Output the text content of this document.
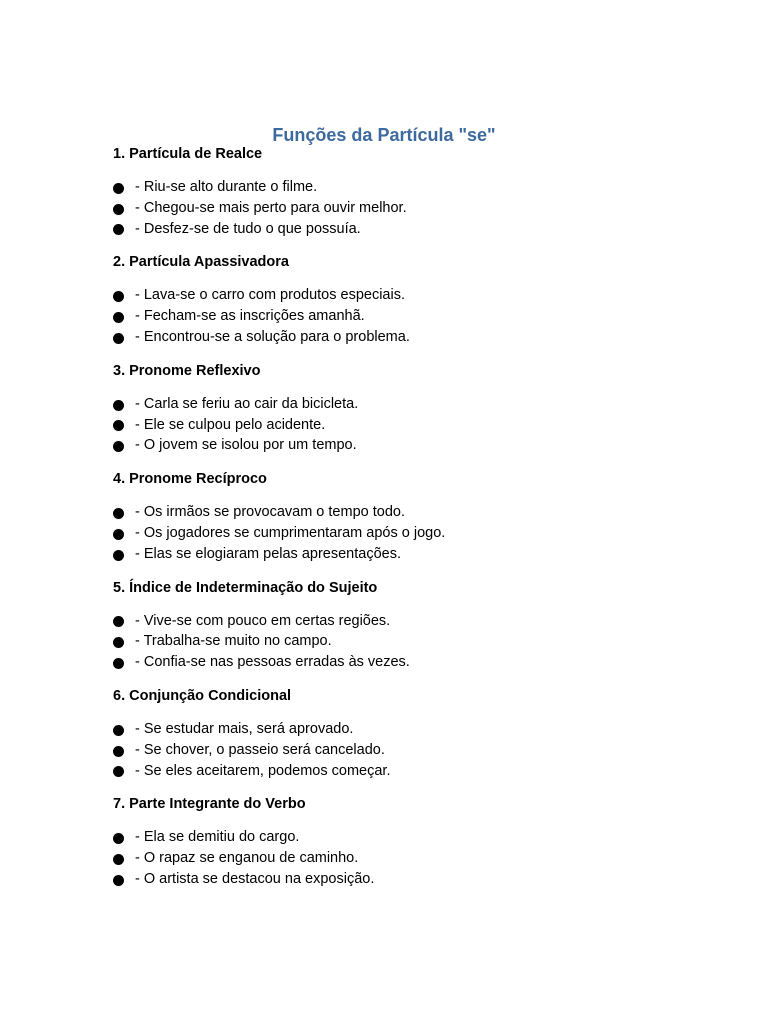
Funções da Partícula "se"
1. Partícula de Realce
- Riu-se alto durante o filme.
- Chegou-se mais perto para ouvir melhor.
- Desfez-se de tudo o que possuía.
2. Partícula Apassivadora
- Lava-se o carro com produtos especiais.
- Fecham-se as inscrições amanhã.
- Encontrou-se a solução para o problema.
3. Pronome Reflexivo
- Carla se feriu ao cair da bicicleta.
- Ele se culpou pelo acidente.
- O jovem se isolou por um tempo.
4. Pronome Recíproco
- Os irmãos se provocavam o tempo todo.
- Os jogadores se cumprimentaram após o jogo.
- Elas se elogiaram pelas apresentações.
5. Índice de Indeterminação do Sujeito
- Vive-se com pouco em certas regiões.
- Trabalha-se muito no campo.
- Confia-se nas pessoas erradas às vezes.
6. Conjunção Condicional
- Se estudar mais, será aprovado.
- Se chover, o passeio será cancelado.
- Se eles aceitarem, podemos começar.
7. Parte Integrante do Verbo
- Ela se demitiu do cargo.
- O rapaz se enganou de caminho.
- O artista se destacou na exposição.
